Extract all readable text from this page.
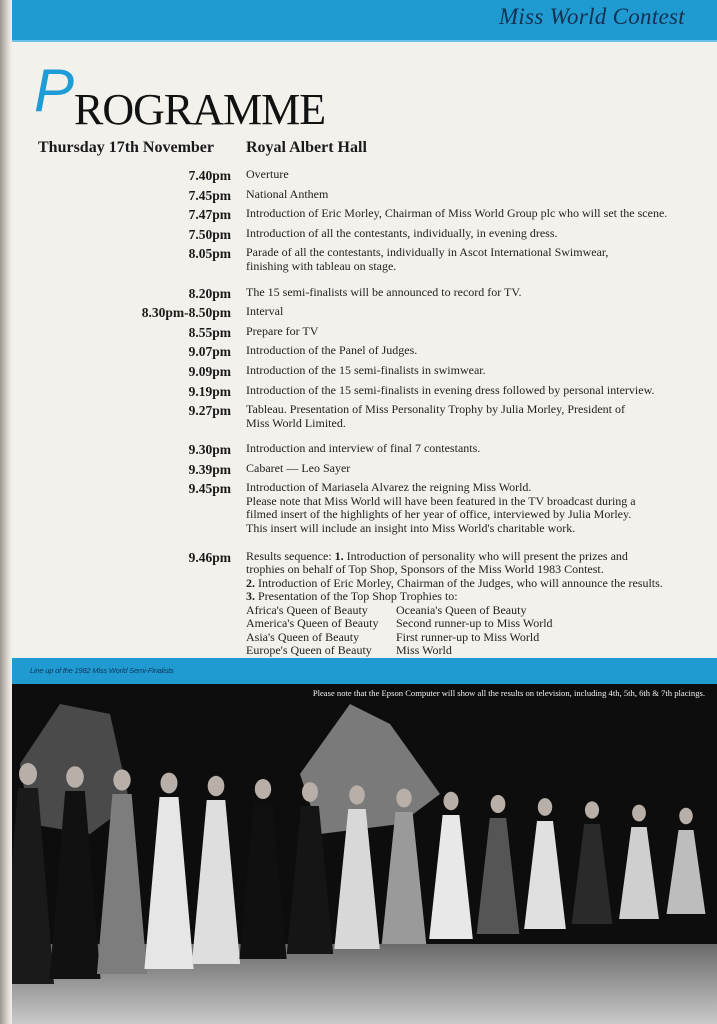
Miss World Contest
P ROGRAMME
Thursday 17th November Royal Albert Hall
7.40pm Overture

7.45pm National Anthem

7.47pm Introduction of Eric Morley, Chairman of Miss World Group plc who will set the scene.

7.50pm Introduction of all the contestants, individually, in evening dress.

8.05pm Parade of all the contestants, individually in Ascot International Swimwear,

finishing with tableau on stage.

8.20pm The 15 semi-finalists will be announced to record for TV.

8.30pm-8.50pm Interval

8.55pm Prepare for TV

9.07pm Introduction of the Panel of Judges.

9.09pm Introduction of the 15 semi-finalists in swimwear.

9.19pm Introduction of the 15 semi-finalists in evening dress followed by personal interview.

9.27pm Tableau. Presentation of Miss Personality Trophy by Julia Morley, President of

Miss World Limited.

9.30pm Introduction and interview of final 7 contestants.

9.39pm Cabaret — Leo Sayer

9.45pm Introduction of Mariasela Alvarez the reigning Miss World.

Please note that Miss World will have been featured in the TV broadcast during a

filmed insert of the highlights of her year of office, interviewed by Julia Morley.

This insert will include an insight into Miss World's charitable work.

9.46pm Results sequence: 1. Introduction of personality who will present the prizes and

trophies on behalf of Top Shop, Sponsors of the Miss World 1983 Contest.

2. Introduction of Eric Morley, Chairman of the Judges, who will announce the results.

3. Presentation of the Top Shop Trophies to:

Africa's Queen of Beauty	Oceania's Queen of Beauty
America's Queen of Beauty	Second runner-up to Miss World
Asia's Queen of Beauty	First runner-up to Miss World
Europe's Queen of Beauty	Miss World
Line up of the 1982 Miss World Semi-Finalists
Please note that the Epson Computer will show all the results on television, including 4th, 5th, 6th & 7th placings.
